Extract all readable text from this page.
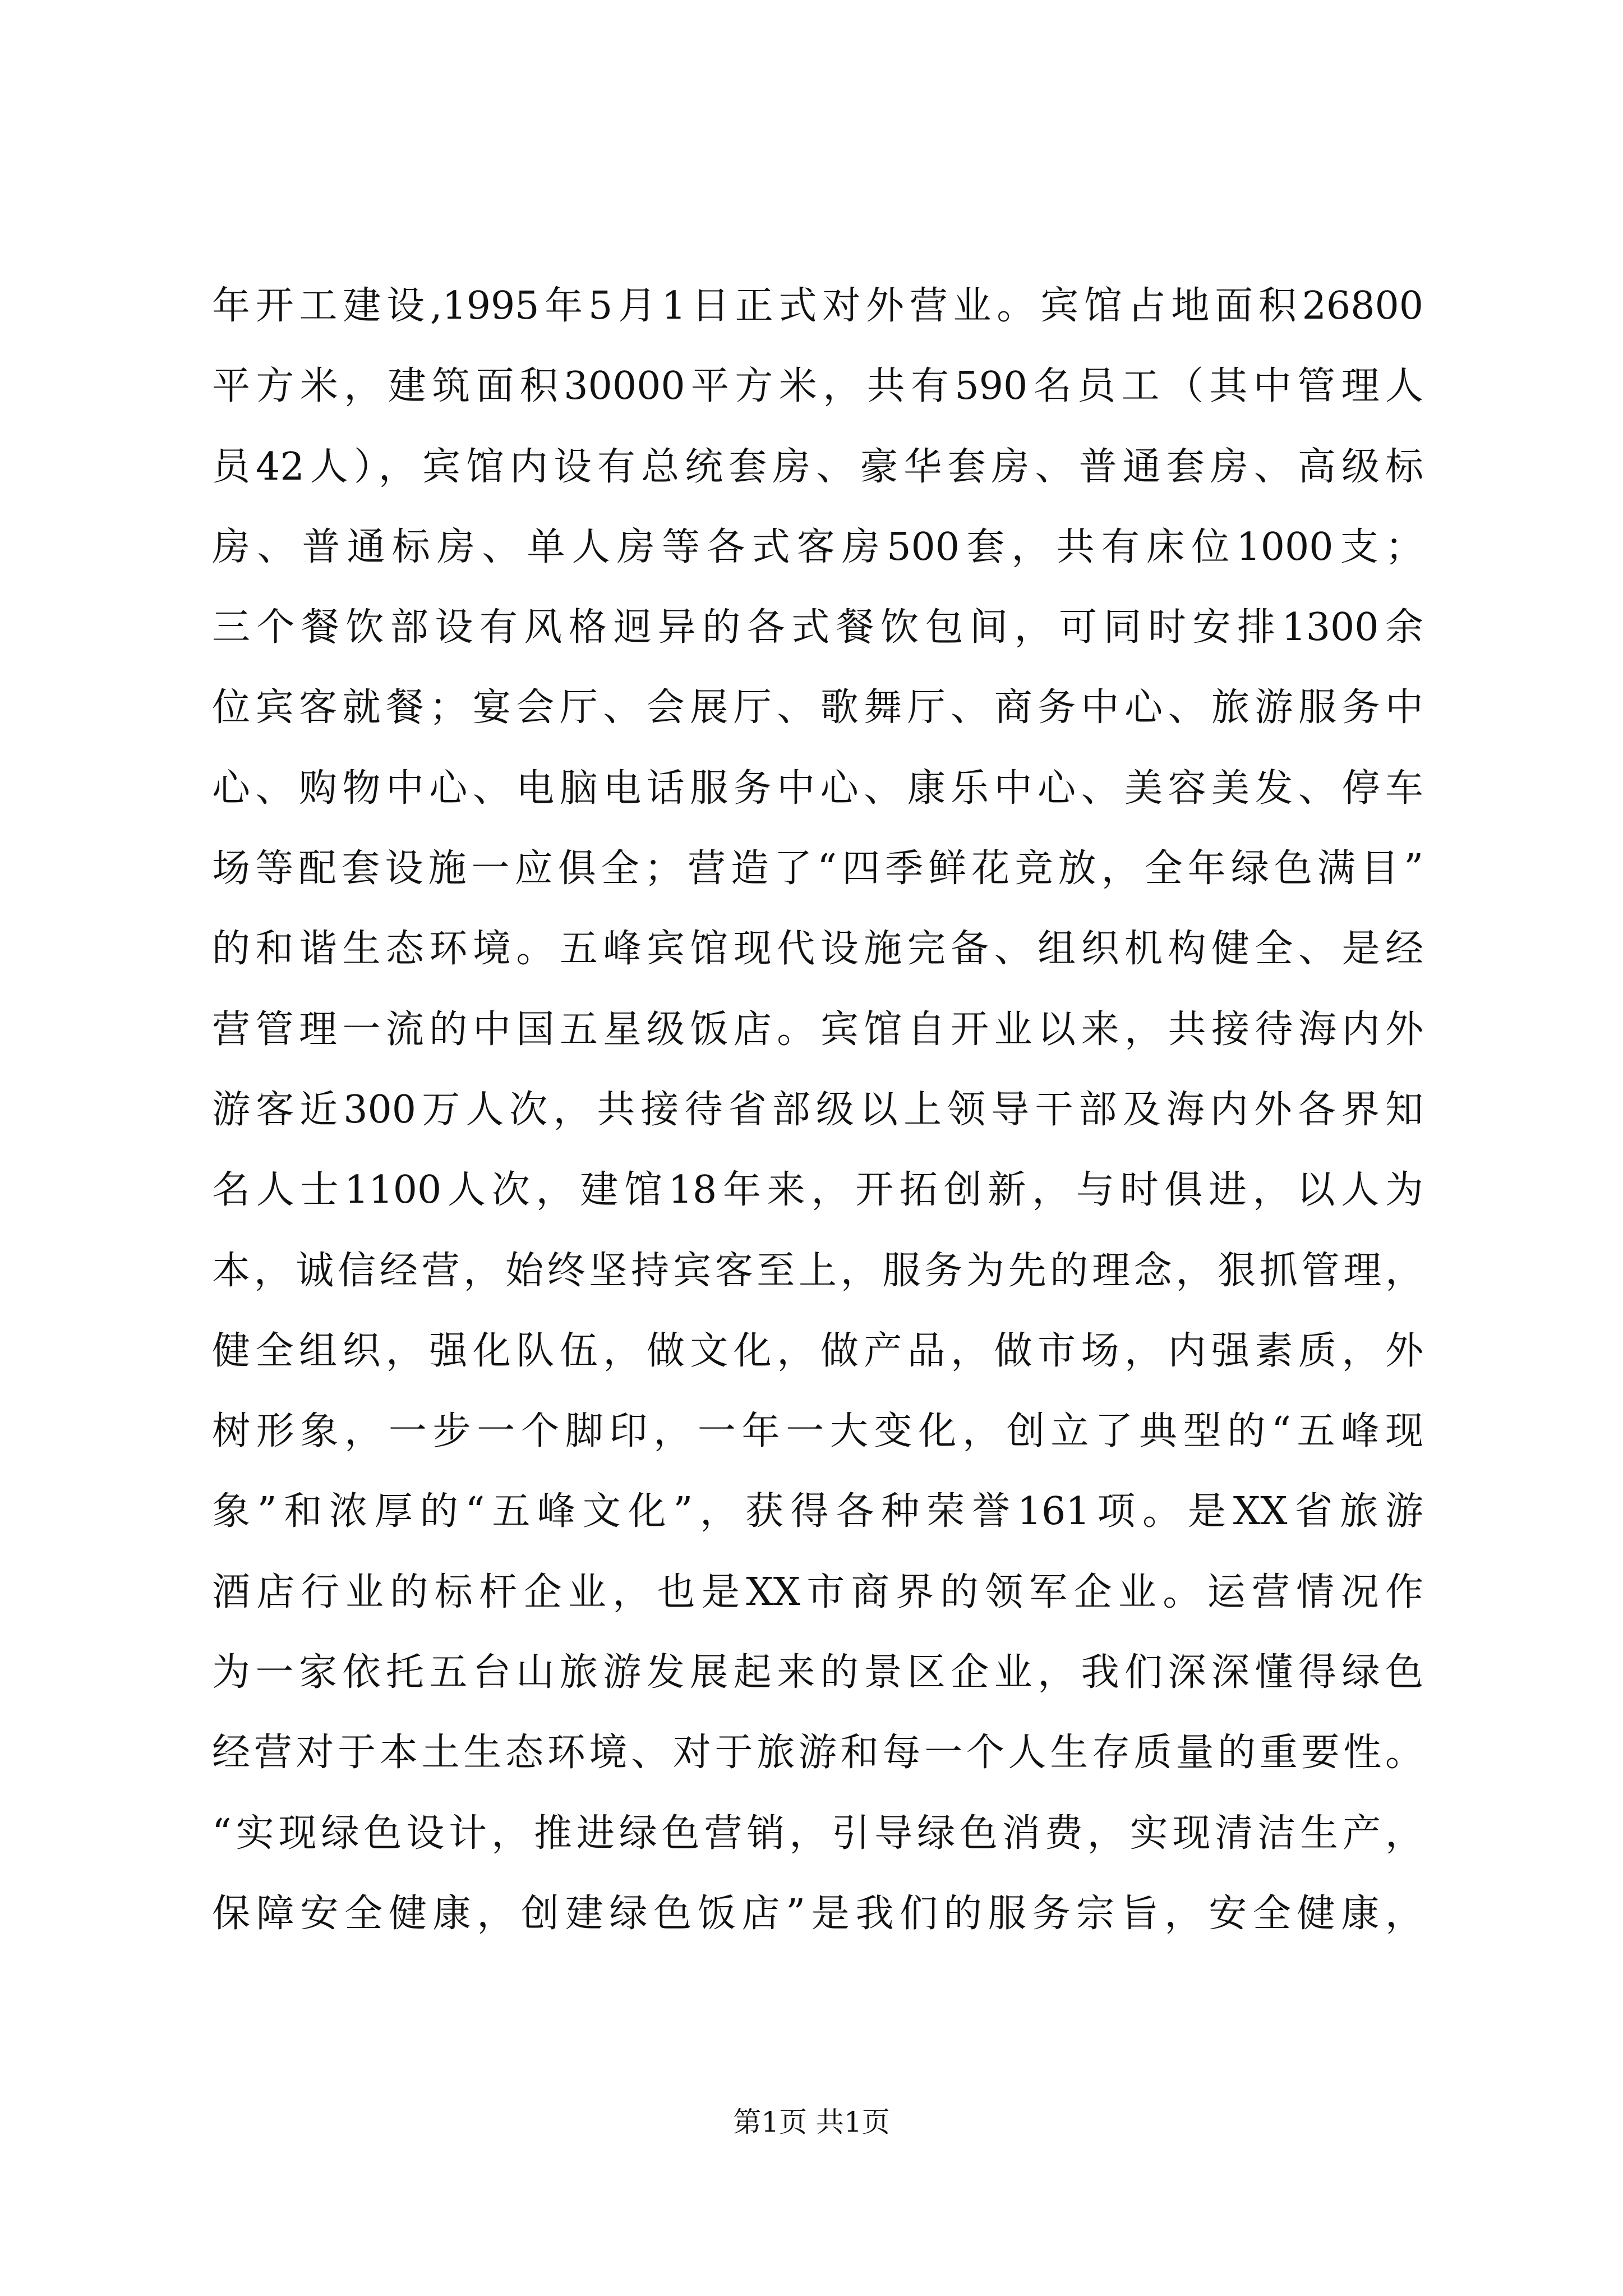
年开工建设,1995年5月1日正式对外营业。宾馆占地面积26800
平方米，建筑面积30000平方米，共有590名员工（其中管理人
员42人），宾馆内设有总统套房、豪华套房、普通套房、高级标
房、普通标房、单人房等各式客房500套，共有床位1000支；
三个餐饮部设有风格迥异的各式餐饮包间，可同时安排1300余
位宾客就餐；宴会厅、会展厅、歌舞厅、商务中心、旅游服务中
心、购物中心、电脑电话服务中心、康乐中心、美容美发、停车
场等配套设施一应俱全；营造了“四季鲜花竞放，全年绿色满目”
的和谐生态环境。五峰宾馆现代设施完备、组织机构健全、是经
营管理一流的中国五星级饭店。宾馆自开业以来，共接待海内外
游客近300万人次，共接待省部级以上领导干部及海内外各界知
名人士1100人次，建馆18年来，开拓创新，与时俱进，以人为
本，诚信经营，始终坚持宾客至上，服务为先的理念，狠抓管理，
健全组织，强化队伍，做文化，做产品，做市场，内强素质，外
树形象，一步一个脚印，一年一大变化，创立了典型的“五峰现
象”和浓厚的“五峰文化”，获得各种荣誉161项。是XX省旅游
酒店行业的标杆企业，也是XX市商界的领军企业。运营情况作
为一家依托五台山旅游发展起来的景区企业，我们深深懂得绿色
经营对于本土生态环境、对于旅游和每一个人生存质量的重要性。
“实现绿色设计，推进绿色营销，引导绿色消费，实现清洁生产，
保障安全健康，创建绿色饭店”是我们的服务宗旨，安全健康，
第1页 共1页
